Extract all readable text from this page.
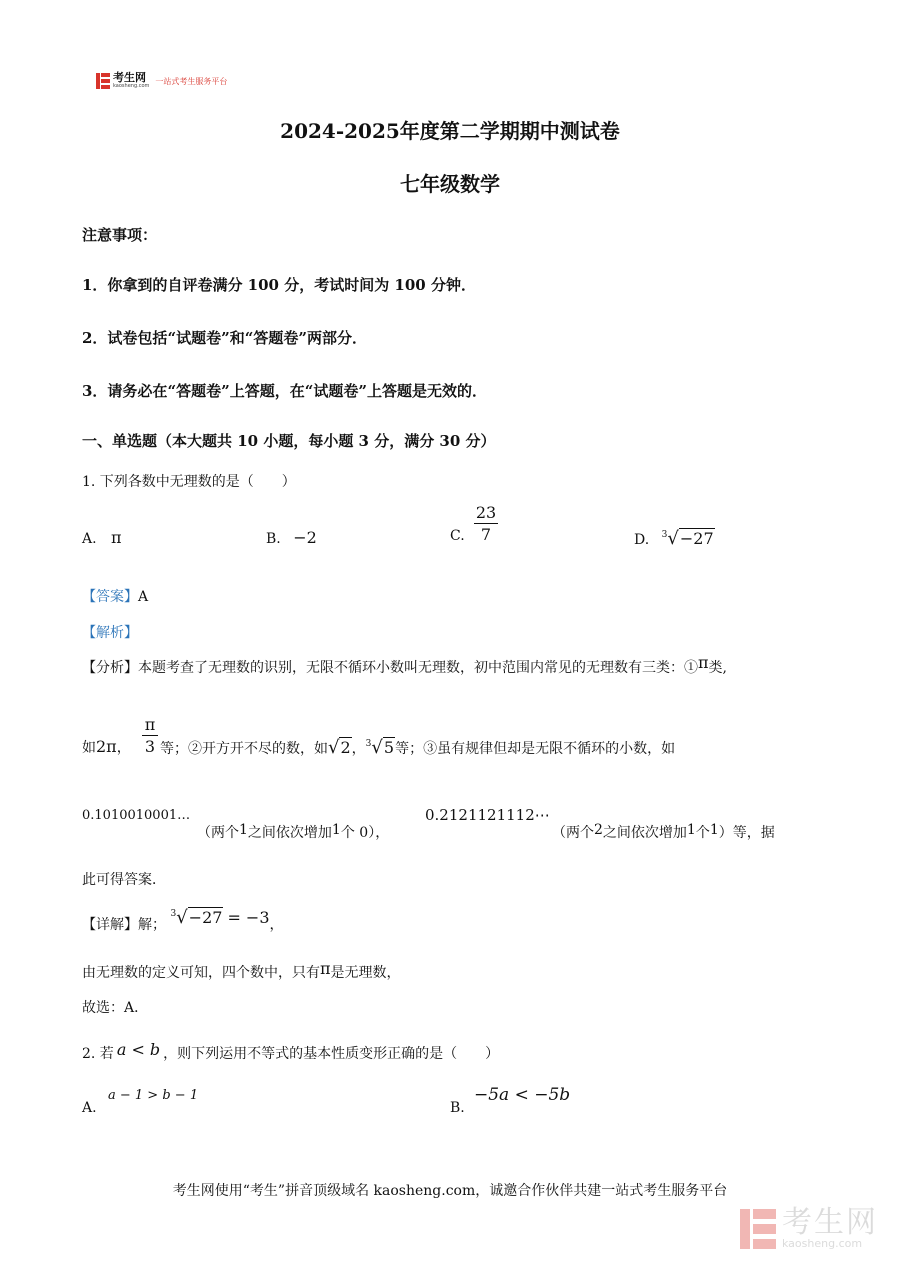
考生网
kaosheng.com 一站式考生服务平台
2024-2025年度第二学期期中测试卷
七年级数学
注意事项：
1．你拿到的自评卷满分 100 分，考试时间为 100 分钟．
2．试卷包括“试题卷”和“答题卷”两部分．
3．请务必在“答题卷”上答题，在“试题卷”上答题是无效的．
一、单选题（本大题共 10 小题，每小题 3 分，满分 30 分）
1. 下列各数中无理数的是（　　）
A. π	B. −2	C.
23
7	D. $^3$√−27
【答案】A
【解析】
【分析】本题考查了无理数的识别，无限不循环小数叫无理数，初中范围内常见的无理数有三类：①π类,
如2π，
π
3 等；②开方开不尽的数，如√2，$^3$√5等；③虽有规律但却是无限不循环的小数，如
0.1010010001…
（两个1之间依次增加1个 0），
0.2121121112⋯
（两个2之间依次增加1个1）等，据
此可得答案．
【详解】解； $^3$√−27 = −3，
由无理数的定义可知，四个数中，只有π是无理数，
故选：A．
2. 若 a < b ，则下列运用不等式的基本性质变形正确的是（　　）
A.
a − 1 > b − 1
B.
−5a < −5b
考生网使用“考生”拼音顶级域名 kaosheng.com，诚邀合作伙伴共建一站式考生服务平台
考生网
kaosheng.com
